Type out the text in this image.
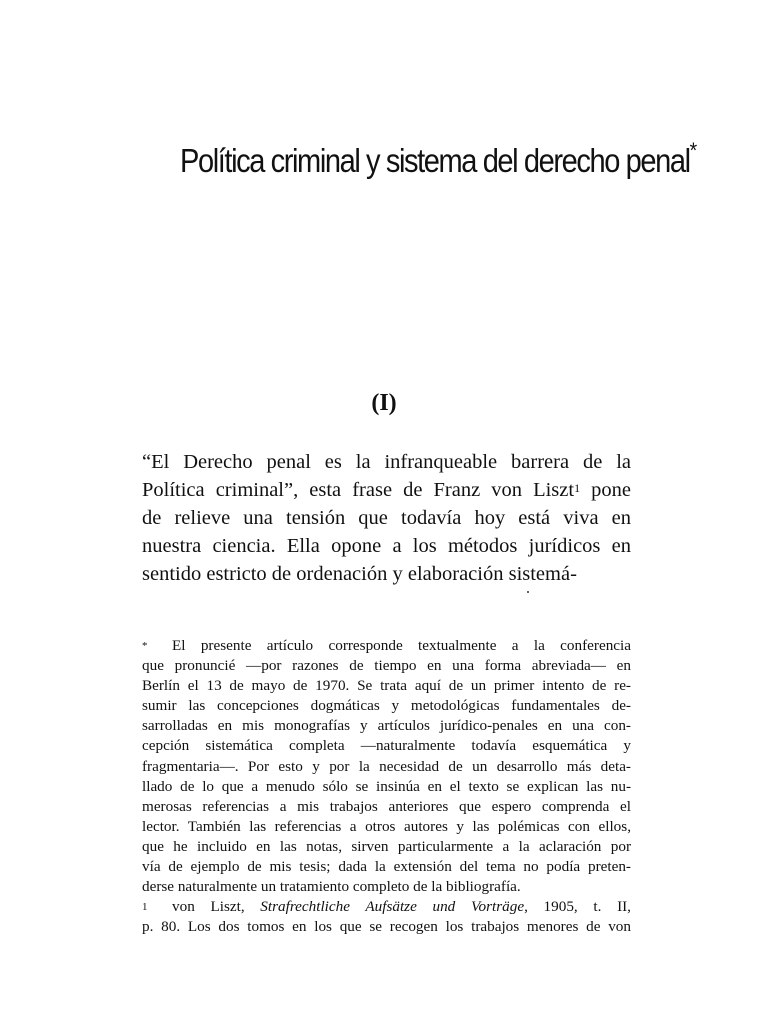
Política criminal y sistema del derecho penal*
(I)
“El Derecho penal es la infranqueable barrera de la
Política criminal”, esta frase de Franz von Liszt$^1$ pone
de relieve una tensión que todavía hoy está viva en
nuestra ciencia. Ella opone a los métodos jurídicos en
sentido estricto de ordenación y elaboración sistemá-
* El presente artículo corresponde textualmente a la conferencia
que pronuncié —por razones de tiempo en una forma abreviada— en
Berlín el 13 de mayo de 1970. Se trata aquí de un primer intento de re-
sumir las concepciones dogmáticas y metodológicas fundamentales de-
sarrolladas en mis monografías y artículos jurídico-penales en una con-
cepción sistemática completa —naturalmente todavía esquemática y
fragmentaria—. Por esto y por la necesidad de un desarrollo más deta-
llado de lo que a menudo sólo se insinúa en el texto se explican las nu-
merosas referencias a mis trabajos anteriores que espero comprenda el
lector. También las referencias a otros autores y las polémicas con ellos,
que he incluido en las notas, sirven particularmente a la aclaración por
vía de ejemplo de mis tesis; dada la extensión del tema no podía preten-
derse naturalmente un tratamiento completo de la bibliografía.
1 von Liszt, Strafrechtliche Aufsätze und Vorträge, 1905, t. II,
p. 80. Los dos tomos en los que se recogen los trabajos menores de von
